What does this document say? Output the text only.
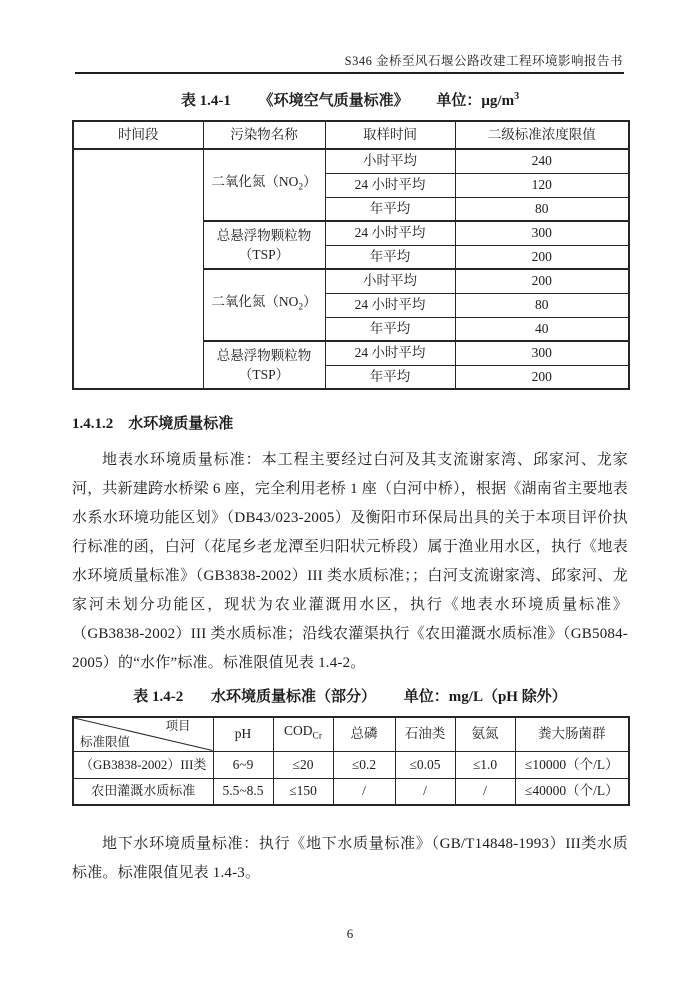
S346 金桥至风石堰公路改建工程环境影响报告书
表 1.4-1 《环境空气质量标准》 单位：$\mu g/m^3$
时间段	污染物名称	取样时间	二级标准浓度限值
	二氧化氮$(NO_2)$	小时平均	240
		24 小时平均	120
		年平均	80

	总悬浮物颗粒物
（TSP）	24 小时平均	300
		年平均	200
	二氧化氮$(NO_2)$	小时平均	200
		24 小时平均	80
		年平均	40

	总悬浮物颗粒物
（TSP）	24 小时平均	300
		年平均	200
1.4.1.2　水环境质量标准

地表水环境质量标准：本工程主要经过白河及其支流谢家湾、邱家河、龙家河，共新建跨水桥梁 6 座，完全利用老桥 1 座（白河中桥），根据《湖南省主要地表水系水环境功能区划》（DB43/023-2005）及衡阳市环保局出具的关于本项目评价执行标准的函，白河（花尾乡老龙潭至归阳状元桥段）属于渔业用水区，执行《地表水环境质量标准》（GB3838-2002）III 类水质标准；；白河支流谢家湾、邱家河、龙家河未划分功能区，现状为农业灌溉用水区，执行《地表水环境质量标准》（GB3838-2002）III 类水质标准；沿线农灌渠执行《农田灌溉水质标准》（GB5084-2005）的“水作”标准。标准限值见表 1.4-2。

表 1.4-2 水环境质量标准（部分） 单位：mg/L（pH 除外）
项目
标准限值	pH	$COD_{Cr}$	总磷	石油类	氨氮	粪大肠菌群
（GB3838-2002）III类	6~9	≤20	≤0.2	≤0.05	≤1.0	≤10000（个/L）
农田灌溉水质标准	5.5~8.5	≤150	/	/	/	≤40000（个/L）

地下水环境质量标准：执行《地下水质量标准》（GB/T14848-1993）III类水质标准。标准限值见表 1.4-3。

6
